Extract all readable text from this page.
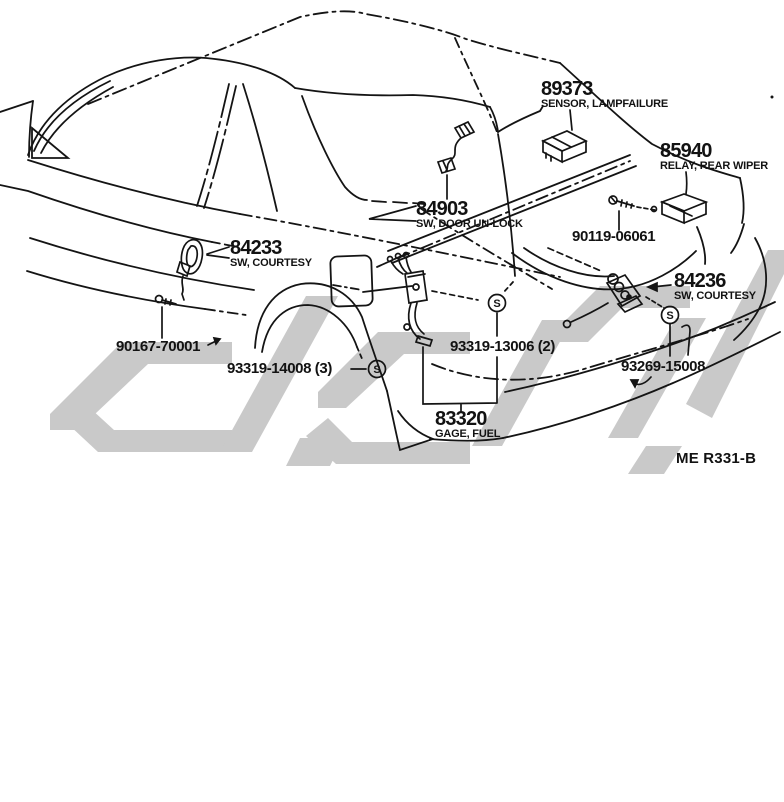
S
S
S
89373
SENSOR, LAMPFAILURE
85940
RELAY, REAR WIPER
84903
SW, DOOR UN-LOCK
90119-06061
84233
SW, COURTESY
84236
SW, COURTESY
90167-70001
93319-14008 (3)
93319-13006 (2)
93269-15008
83320
GAGE, FUEL
ME R331-B
